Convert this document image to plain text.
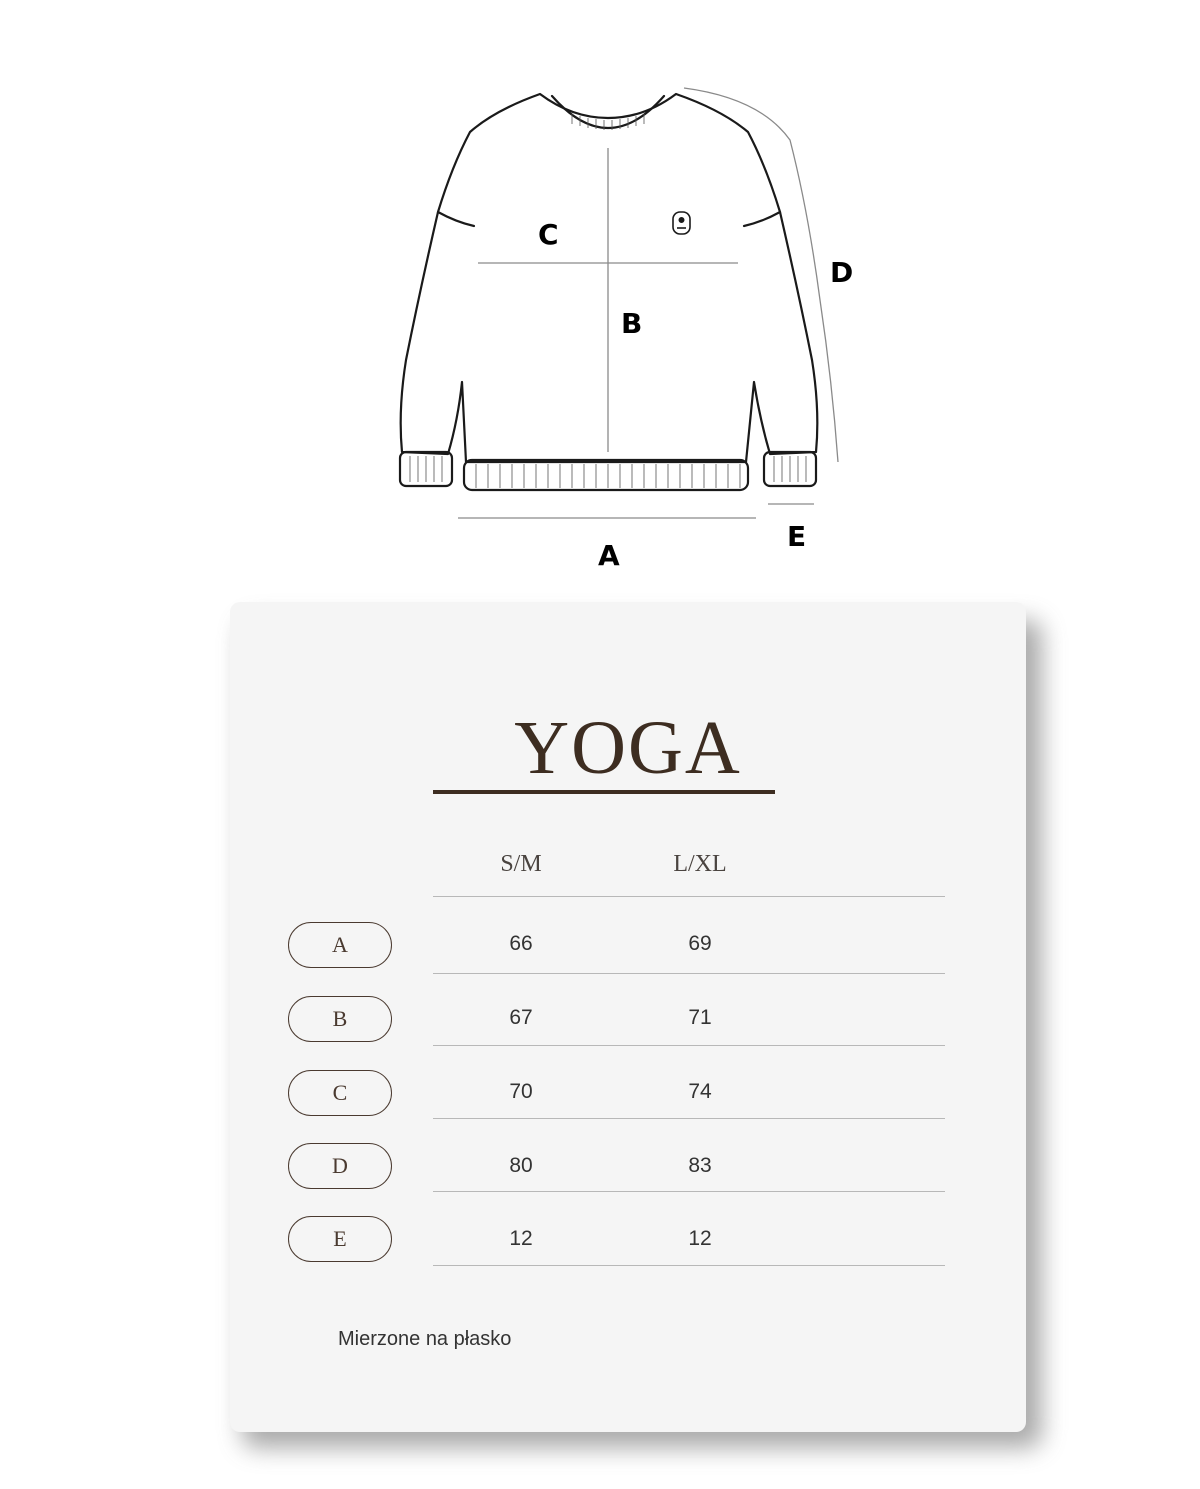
C
B
D
A
E
YOGA
S/M	L/XL
A	66	69
B	67	71
C	70	74
D	80	83
E	12	12
Mierzone na płasko
